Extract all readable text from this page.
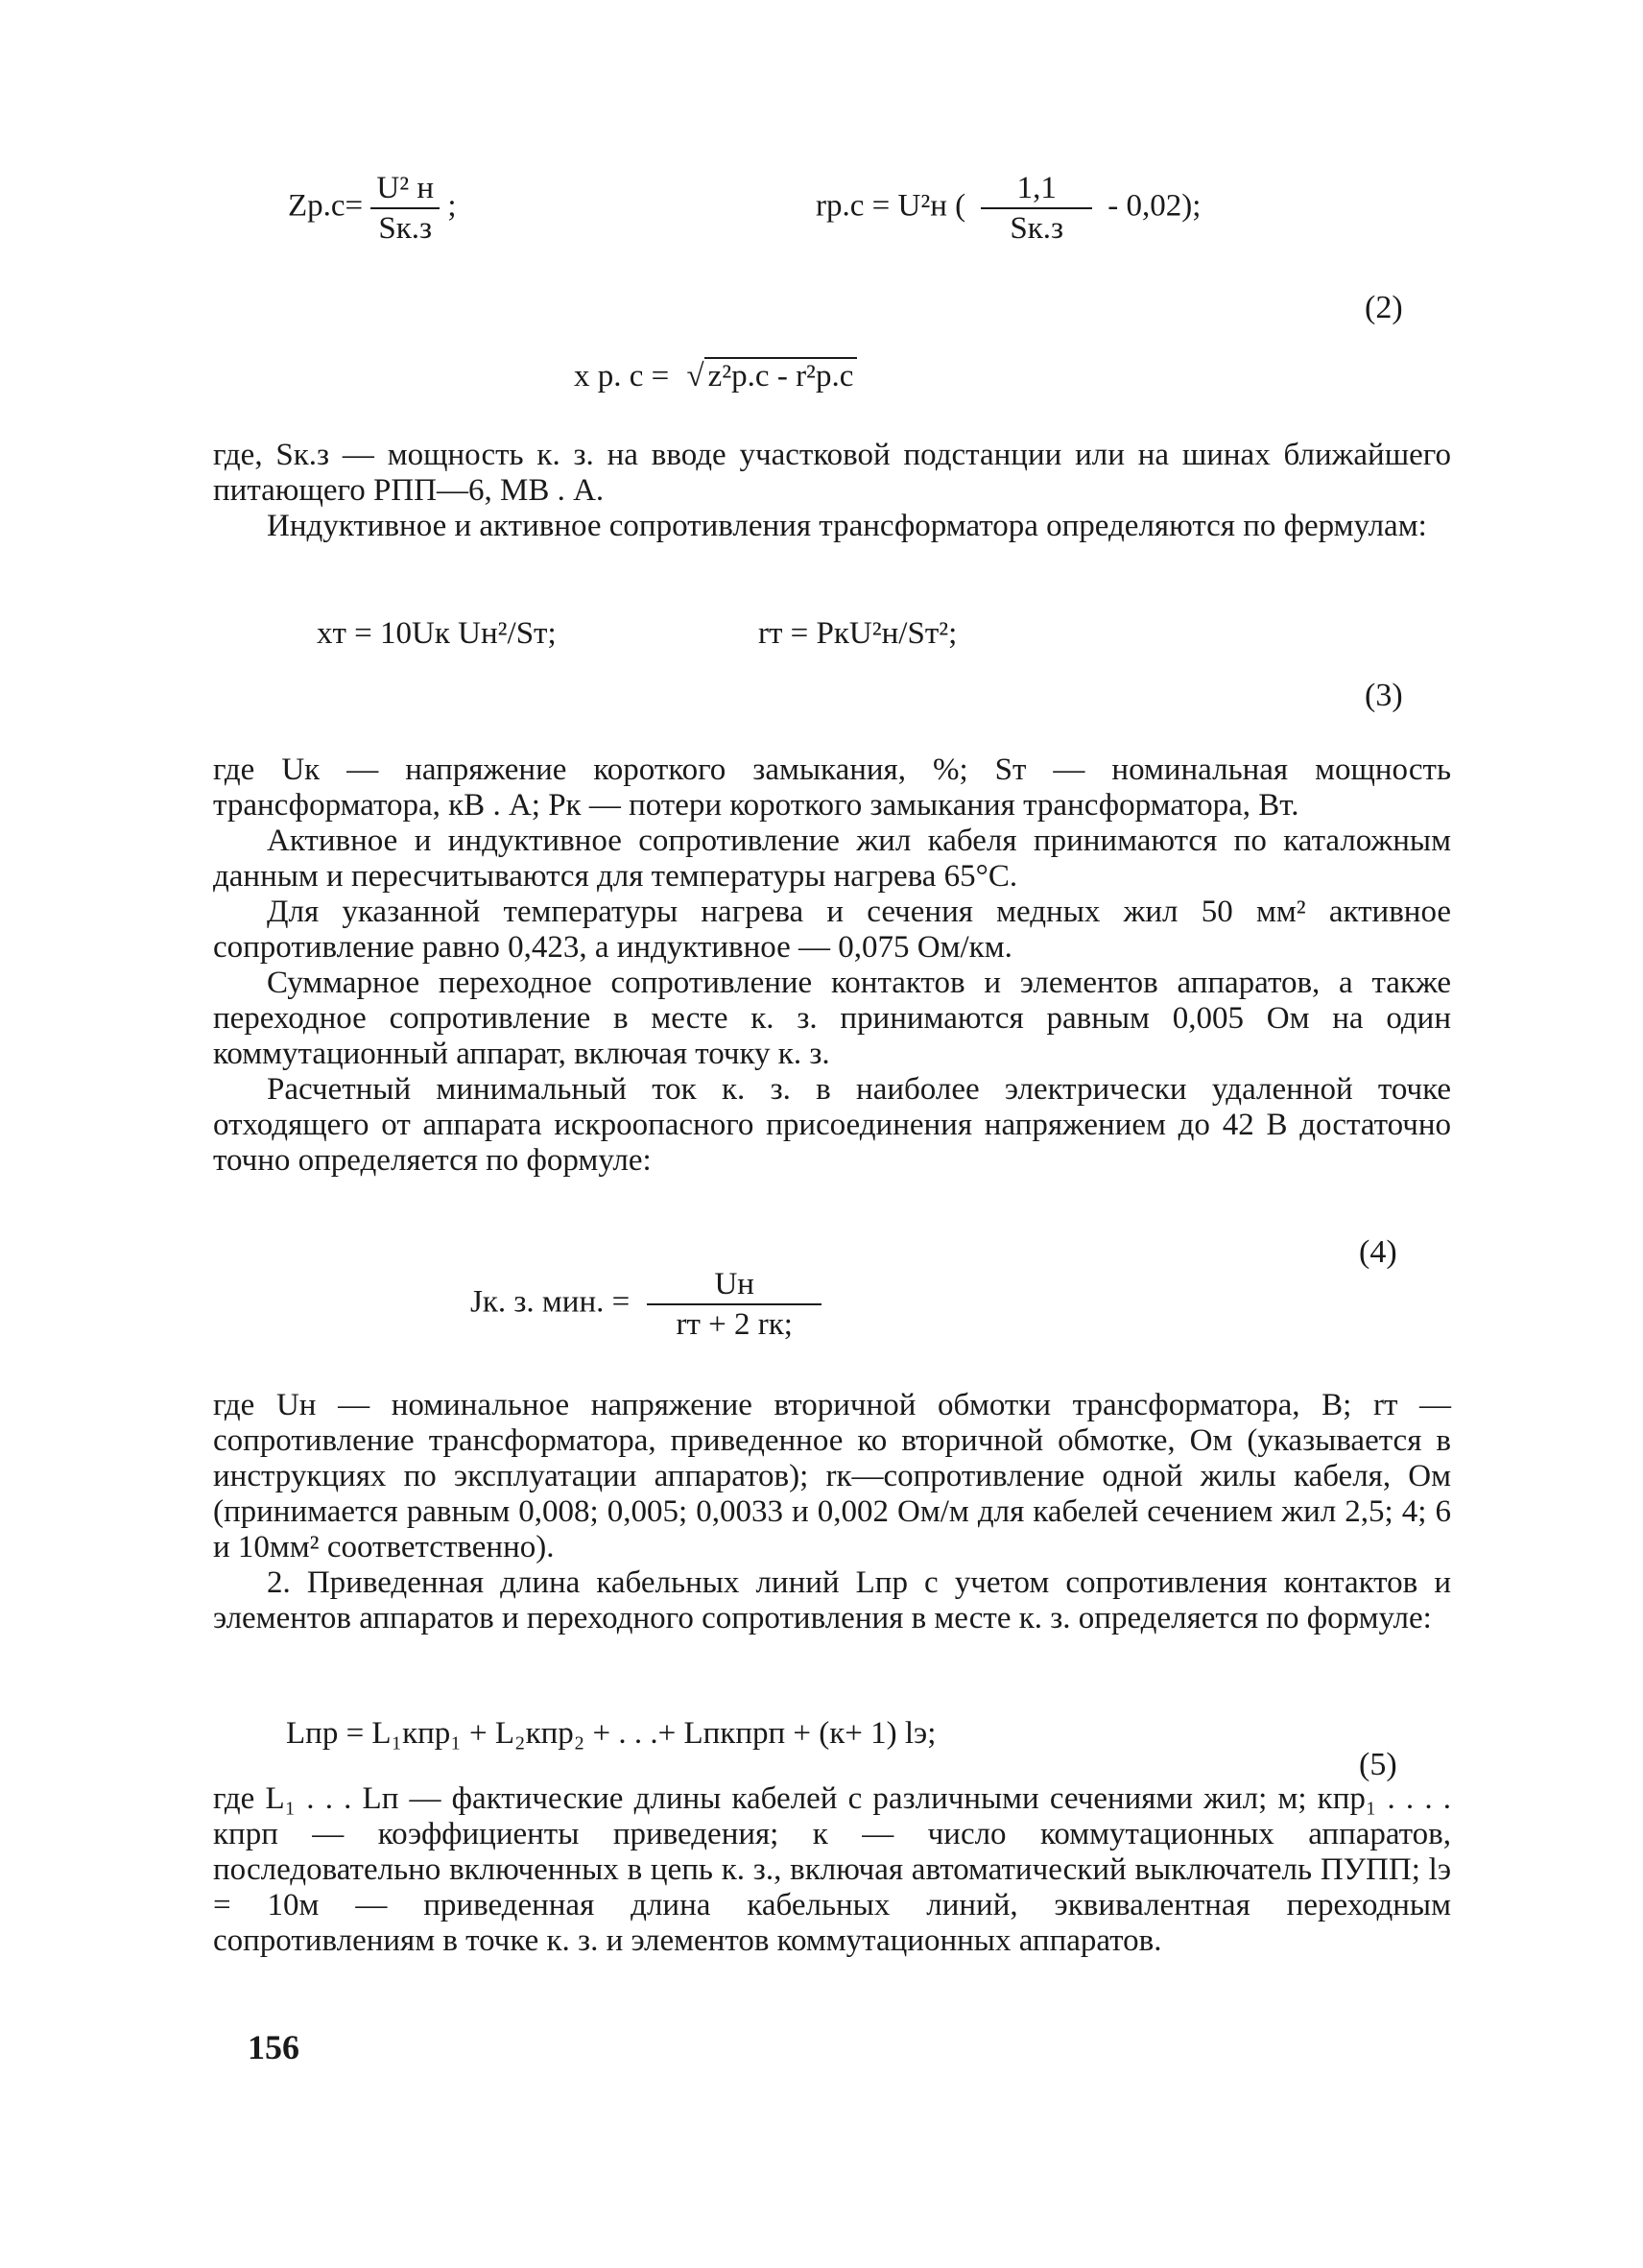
$Zр.с= \frac{\text{U² н}}{Sк.з}$ ;	rр.с = U²н ( $\frac{1,1}{Sк.з} - 0,02$);
(2)
x р. с = √ z²р.с - r²р.с

где, Sк.з — мощность к. з. на вводе участковой подстанции или на шинах ближайшего питающего РПП—6, МВ . А.

Индуктивное и активное сопротивления трансформатора определяются по фермулам:

xт = 10Uк Uн²/Sт;	rт = PкU²н/Sт²;
(3)

где Uк — напряжение короткого замыкания, %; Sт — номинальная мощность трансформатора, кВ . А; Рк — потери короткого замыкания трансформатора, Вт.

Активное и индуктивное сопротивление жил кабеля принимаются по каталожным данным и пересчитываются для температуры нагрева 65°С.

Для указанной температуры нагрева и сечения медных жил 50 мм² активное сопротивление равно 0,423, а индуктивное — 0,075 Ом/км.

Суммарное переходное сопротивление контактов и элементов аппаратов, а также переходное сопротивление в месте к. з. принимаются равным 0,005 Ом на один коммутационный аппарат, включая точку к. з.

Расчетный минимальный ток к. з. в наиболее электрически удаленной точке отходящего от аппарата искроопасного присоединения напряжением до 42 В достаточно точно определяется по формуле:

(4)
Jк. з. мин. = $\frac{Uн}{rт + 2 rк;}$

где Uн — номинальное напряжение вторичной обмотки трансформатора, В; rт — сопротивление трансформатора, приведенное ко вторичной обмотке, Ом (указывается в инструкциях по эксплуатации аппаратов); rк—сопротивление одной жилы кабеля, Ом (принимается равным 0,008; 0,005; 0,0033 и 0,002 Ом/м для кабелей сечением жил 2,5; 4; 6 и 10мм² соответственно).

2. Приведенная длина кабельных линий Lпр с учетом сопротивления контактов и элементов аппаратов и переходного сопротивления в месте к. з. определяется по формуле:

Lпр = L₁кпр₁ + L₂кпр₂ + . . .+ Lпкпрп + (к+ 1) lэ;
(5)

где L₁ . . . Lп — фактические длины кабелей с различными сечениями жил; м; кпр₁ . . . . кпрп — коэффициенты приведения; к — число коммутационных аппаратов, последовательно включенных в цепь к. з., включая автоматический выключатель ПУПП; lэ = 10м — приведенная длина кабельных линий, эквивалентная переходным сопротивлениям в точке к. з. и элементов коммутационных аппаратов.

156
